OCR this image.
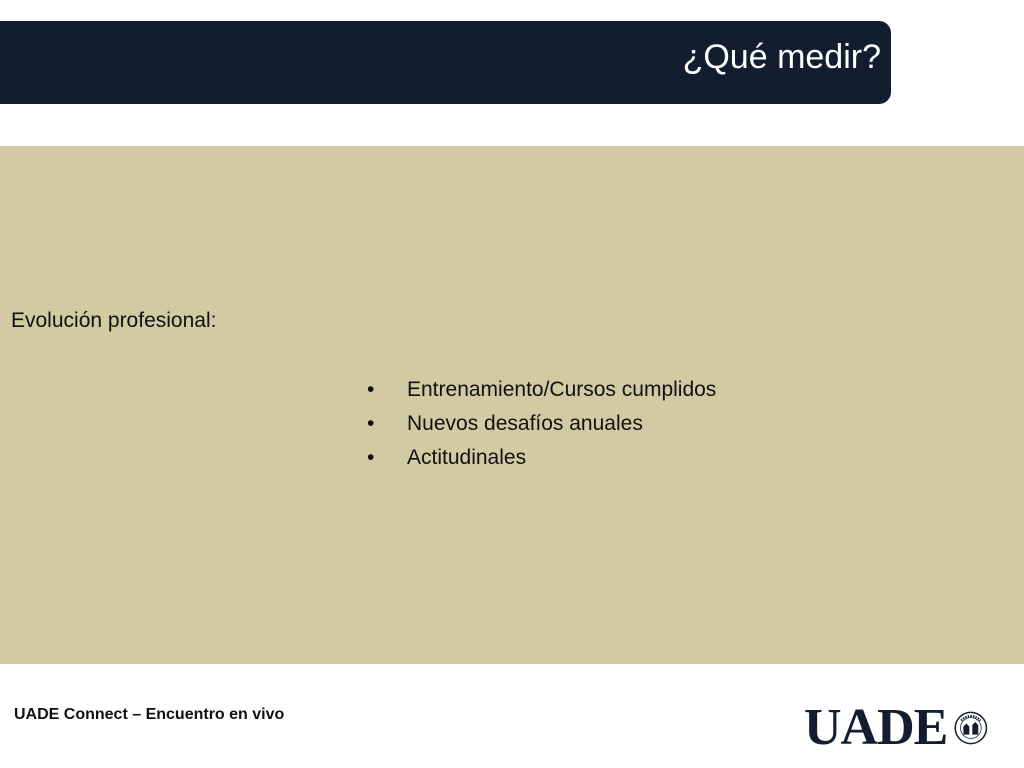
¿Qué medir?
Evolución profesional:
•	Entrenamiento/Cursos cumplidos
•	Nuevos desafíos anuales
•	Actitudinales
UADE Connect – Encuentro en vivo	UADE
